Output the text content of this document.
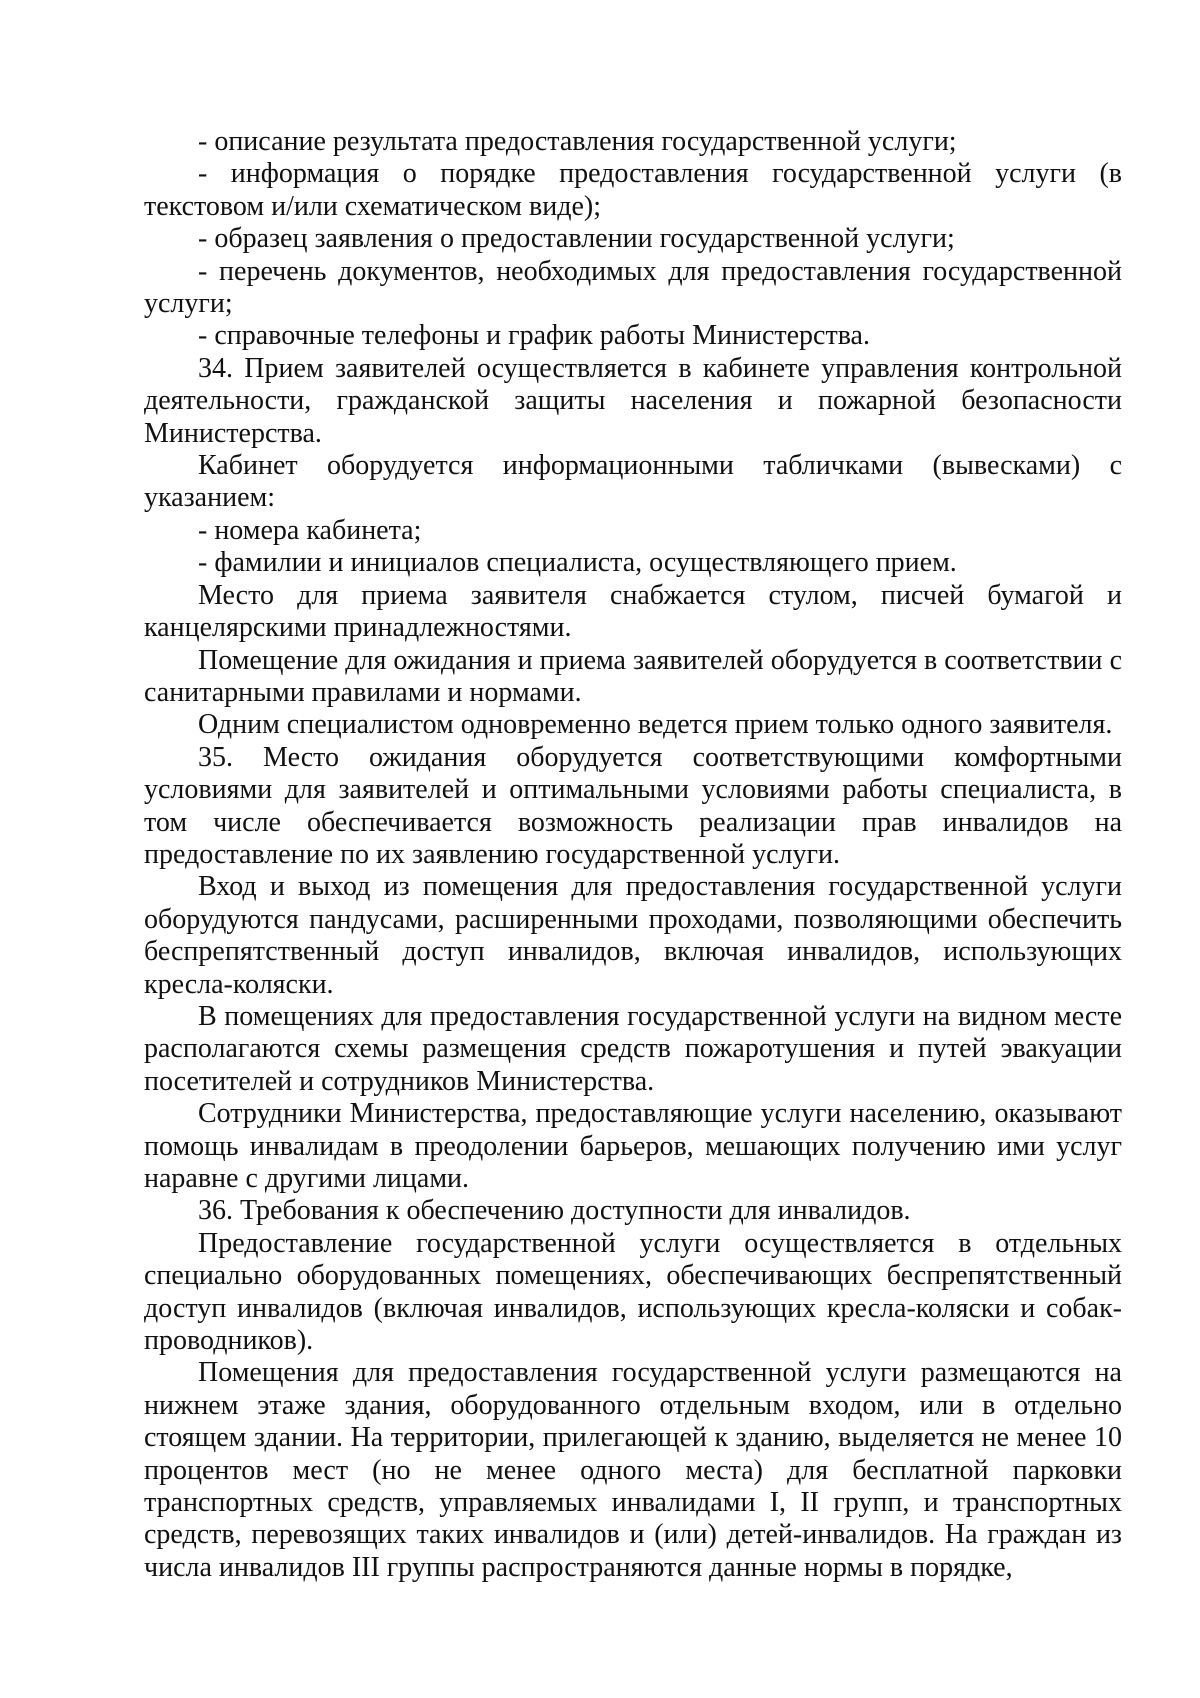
- описание результата предоставления государственной услуги;

- информация о порядке предоставления государственной услуги (в текстовом и/или схематическом виде);

- образец заявления о предоставлении государственной услуги;

- перечень документов, необходимых для предоставления государственной услуги;

- справочные телефоны и график работы Министерства.

34. Прием заявителей осуществляется в кабинете управления контрольной деятельности, гражданской защиты населения и пожарной безопасности Министерства.

Кабинет оборудуется информационными табличками (вывесками) с указанием:

- номера кабинета;

- фамилии и инициалов специалиста, осуществляющего прием.

Место для приема заявителя снабжается стулом, писчей бумагой и канцелярскими принадлежностями.

Помещение для ожидания и приема заявителей оборудуется в соответствии с санитарными правилами и нормами.

Одним специалистом одновременно ведется прием только одного заявителя.

35. Место ожидания оборудуется соответствующими комфортными условиями для заявителей и оптимальными условиями работы специалиста, в том числе обеспечивается возможность реализации прав инвалидов на предоставление по их заявлению государственной услуги.

Вход и выход из помещения для предоставления государственной услуги оборудуются пандусами, расширенными проходами, позволяющими обеспечить беспрепятственный доступ инвалидов, включая инвалидов, использующих кресла-коляски.

В помещениях для предоставления государственной услуги на видном месте располагаются схемы размещения средств пожаротушения и путей эвакуации посетителей и сотрудников Министерства.

Сотрудники Министерства, предоставляющие услуги населению, оказывают помощь инвалидам в преодолении барьеров, мешающих получению ими услуг наравне с другими лицами.

36. Требования к обеспечению доступности для инвалидов.

Предоставление государственной услуги осуществляется в отдельных специально оборудованных помещениях, обеспечивающих беспрепятственный доступ инвалидов (включая инвалидов, использующих кресла-коляски и собак-проводников).

Помещения для предоставления государственной услуги размещаются на нижнем этаже здания, оборудованного отдельным входом, или в отдельно стоящем здании. На территории, прилегающей к зданию, выделяется не менее 10 процентов мест (но не менее одного места) для бесплатной парковки транспортных средств, управляемых инвалидами I, II групп, и транспортных средств, перевозящих таких инвалидов и (или) детей-инвалидов. На граждан из числа инвалидов III группы распространяются данные нормы в порядке,
